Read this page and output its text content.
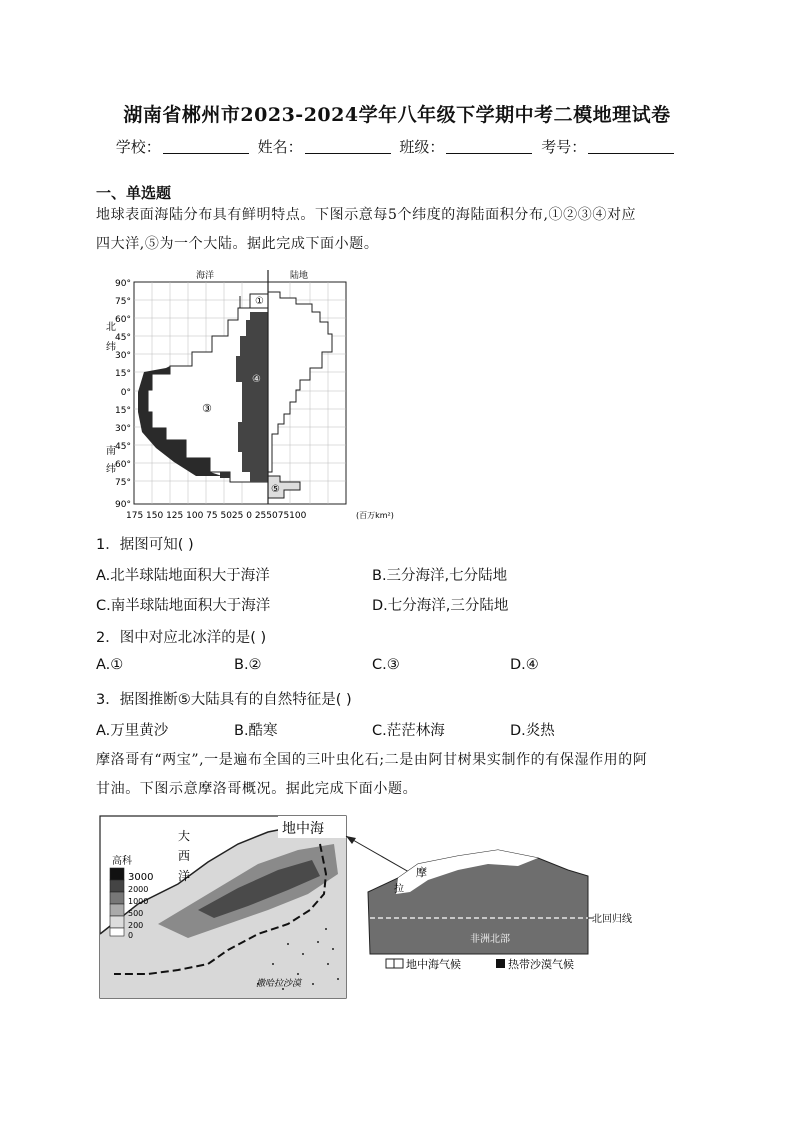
湖南省郴州市2023-2024学年八年级下学期中考二模地理试卷
学校：	姓名：	班级：	考号：
一、单选题
地球表面海陆分布具有鲜明特点。下图示意每5个纬度的海陆面积分布,①②③④对应
四大洋,⑤为一个大陆。据此完成下面小题。
海洋	陆地
90°
75°
60°
45°
30°
15°
0°
15°
30°
45°
60°
75°
90°
北
纬
南
纬
175 150 125 100 75 5025 0 255075100	(百万km²)
①
②	③
④
⑤
1．据图可知( )
A.北半球陆地面积大于海洋	B.三分海洋,七分陆地
C.南半球陆地面积大于海洋	D.七分海洋,三分陆地
2．图中对应北冰洋的是( )
A.①	B.②	C.③	D.④
3．据图推断⑤大陆具有的自然特征是( )
A.万里黄沙	B.酷寒	C.茫茫林海	D.炎热
摩洛哥有“两宝”,一是遍布全国的三叶虫化石;二是由阿甘树果实制作的有保湿作用的阿
甘油。下图示意摩洛哥概况。据此完成下面小题。
地中海
大
西
洋
撒哈拉沙漠
高科
3000
2000
1000
500
200
0
北回归线
非洲北部
摩
拉
地中海气候	热带沙漠气候
